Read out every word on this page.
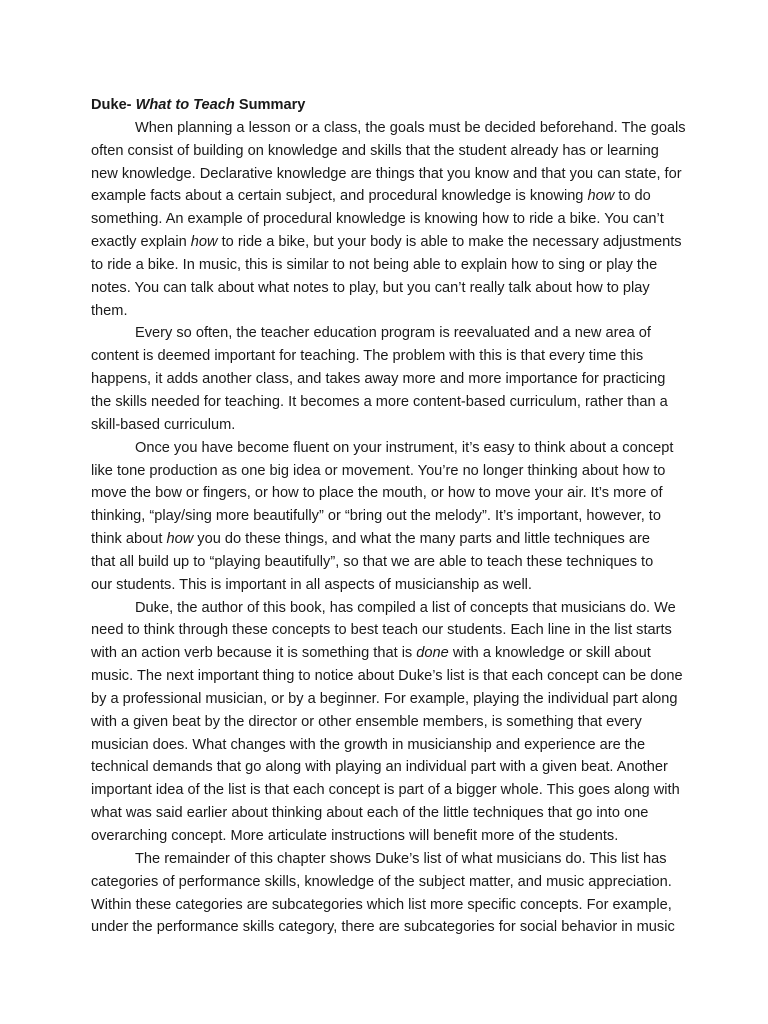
Duke- What to Teach Summary

When planning a lesson or a class, the goals must be decided beforehand. The goals
often consist of building on knowledge and skills that the student already has or learning
new knowledge. Declarative knowledge are things that you know and that you can state, for
example facts about a certain subject, and procedural knowledge is knowing how to do
something. An example of procedural knowledge is knowing how to ride a bike. You can’t
exactly explain how to ride a bike, but your body is able to make the necessary adjustments
to ride a bike. In music, this is similar to not being able to explain how to sing or play the
notes. You can talk about what notes to play, but you can’t really talk about how to play
them.
Every so often, the teacher education program is reevaluated and a new area of
content is deemed important for teaching. The problem with this is that every time this
happens, it adds another class, and takes away more and more importance for practicing
the skills needed for teaching. It becomes a more content-based curriculum, rather than a
skill-based curriculum.
Once you have become fluent on your instrument, it’s easy to think about a concept
like tone production as one big idea or movement. You’re no longer thinking about how to
move the bow or fingers, or how to place the mouth, or how to move your air. It’s more of
thinking, “play/sing more beautifully” or “bring out the melody”. It’s important, however, to
think about how you do these things, and what the many parts and little techniques are
that all build up to “playing beautifully”, so that we are able to teach these techniques to
our students. This is important in all aspects of musicianship as well.
Duke, the author of this book, has compiled a list of concepts that musicians do. We
need to think through these concepts to best teach our students. Each line in the list starts
with an action verb because it is something that is done with a knowledge or skill about
music. The next important thing to notice about Duke’s list is that each concept can be done
by a professional musician, or by a beginner. For example, playing the individual part along
with a given beat by the director or other ensemble members, is something that every
musician does. What changes with the growth in musicianship and experience are the
technical demands that go along with playing an individual part with a given beat. Another
important idea of the list is that each concept is part of a bigger whole. This goes along with
what was said earlier about thinking about each of the little techniques that go into one
overarching concept. More articulate instructions will benefit more of the students.
The remainder of this chapter shows Duke’s list of what musicians do. This list has
categories of performance skills, knowledge of the subject matter, and music appreciation.
Within these categories are subcategories which list more specific concepts. For example,
under the performance skills category, there are subcategories for social behavior in music
